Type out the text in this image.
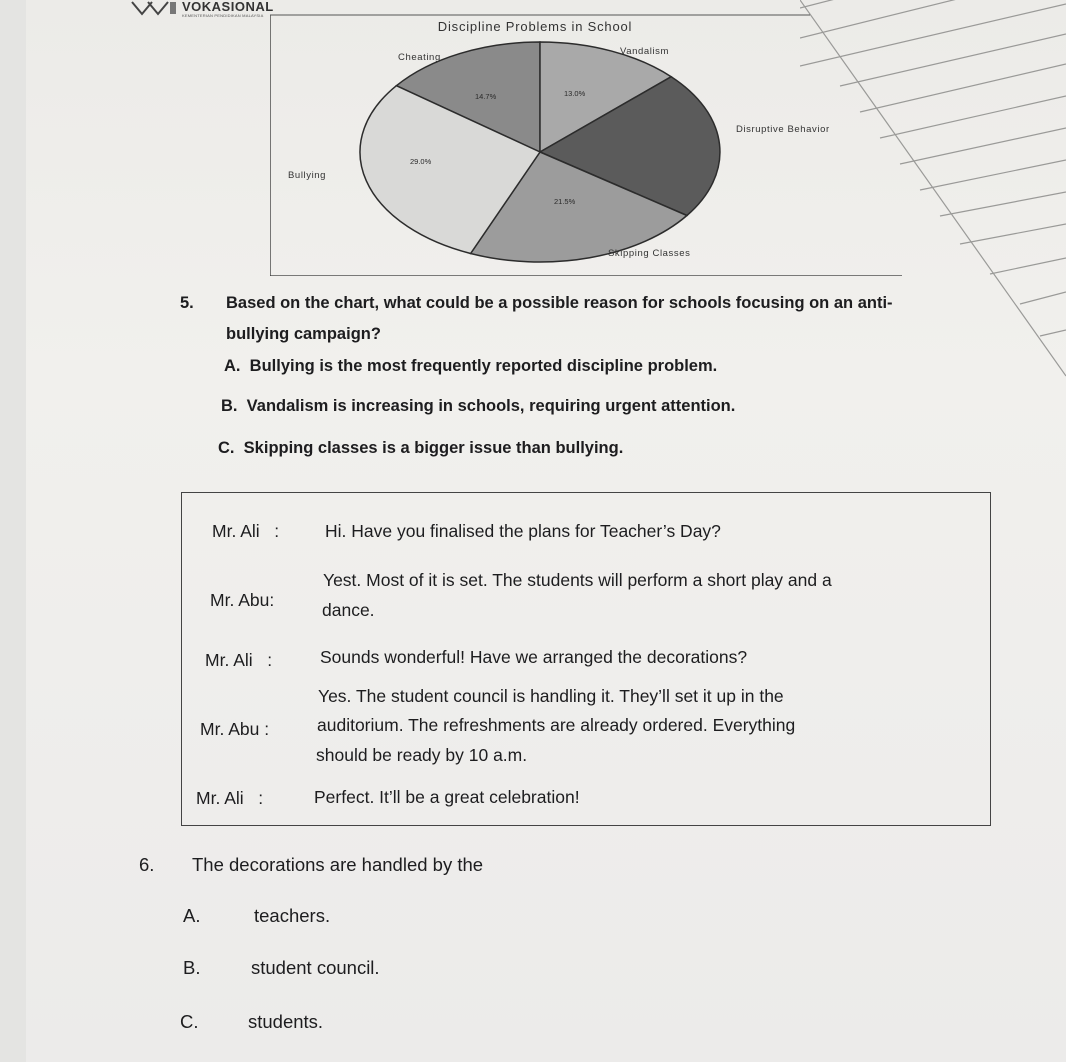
VOKASIONAL
KEMENTERIAN PENDIDIKAN MALAYSIA
Discipline Problems in School
Cheating
Vandalism
Disruptive Behavior
Skipping Classes
Bullying
14.7%	13.0%
21.5%
29.0%
5. Based on the chart, what could be a possible reason for schools focusing on an anti-bullying campaign?
A. Bullying is the most frequently reported discipline problem.
B. Vandalism is increasing in schools, requiring urgent attention.
C. Skipping classes is a bigger issue than bullying.
Mr. Ali :	Hi. Have you finalised the plans for Teacher’s Day?
Mr. Abu:
Yest. Most of it is set. The students will perform a short play and a
dance.
Mr. Ali :	Sounds wonderful! Have we arranged the decorations?
Mr. Abu :
Yes. The student council is handling it. They’ll set it up in the
auditorium. The refreshments are already ordered. Everything
should be ready by 10 a.m.
Mr. Ali :	Perfect. It’ll be a great celebration!
6. The decorations are handled by the
A.	teachers.
B.	student council.
C.	students.
